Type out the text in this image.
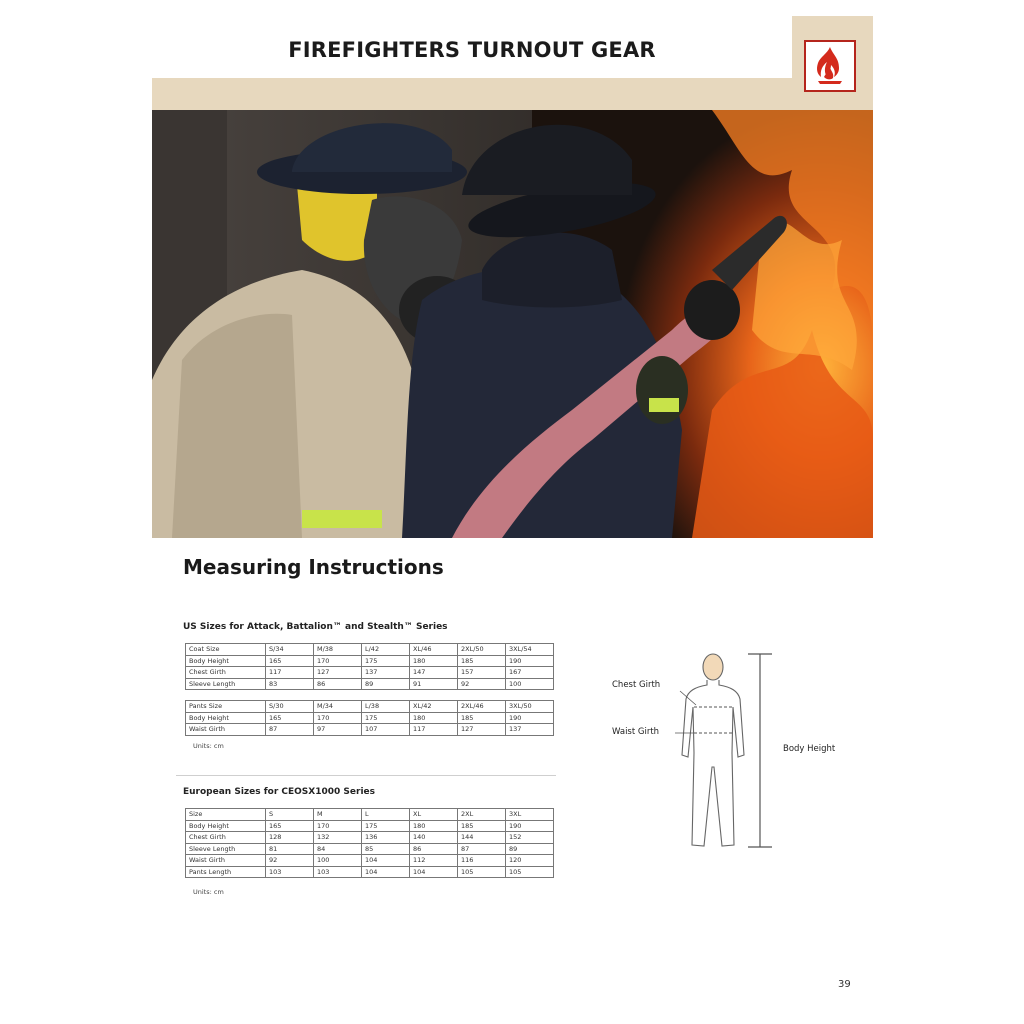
FIREFIGHTERS TURNOUT GEAR
Measuring Instructions
US Sizes for Attack, Battalion™ and Stealth™ Series
Coat Size	S/34	M/38	L/42	XL/46	2XL/50	3XL/54
Body Height	165	170	175	180	185	190
Chest Girth	117	127	137	147	157	167
Sleeve Length	83	86	89	91	92	100
Pants Size	S/30	M/34	L/38	XL/42	2XL/46	3XL/50
Body Height	165	170	175	180	185	190
Waist Girth	87	97	107	117	127	137
Units: cm
European Sizes for CEOSX1000 Series
Size	S	M	L	XL	2XL	3XL
Body Height	165	170	175	180	185	190
Chest Girth	128	132	136	140	144	152
Sleeve Length	81	84	85	86	87	89
Waist Girth	92	100	104	112	116	120
Pants Length	103	103	104	104	105	105
Units: cm
Chest Girth
Waist Girth
Body Height
39
